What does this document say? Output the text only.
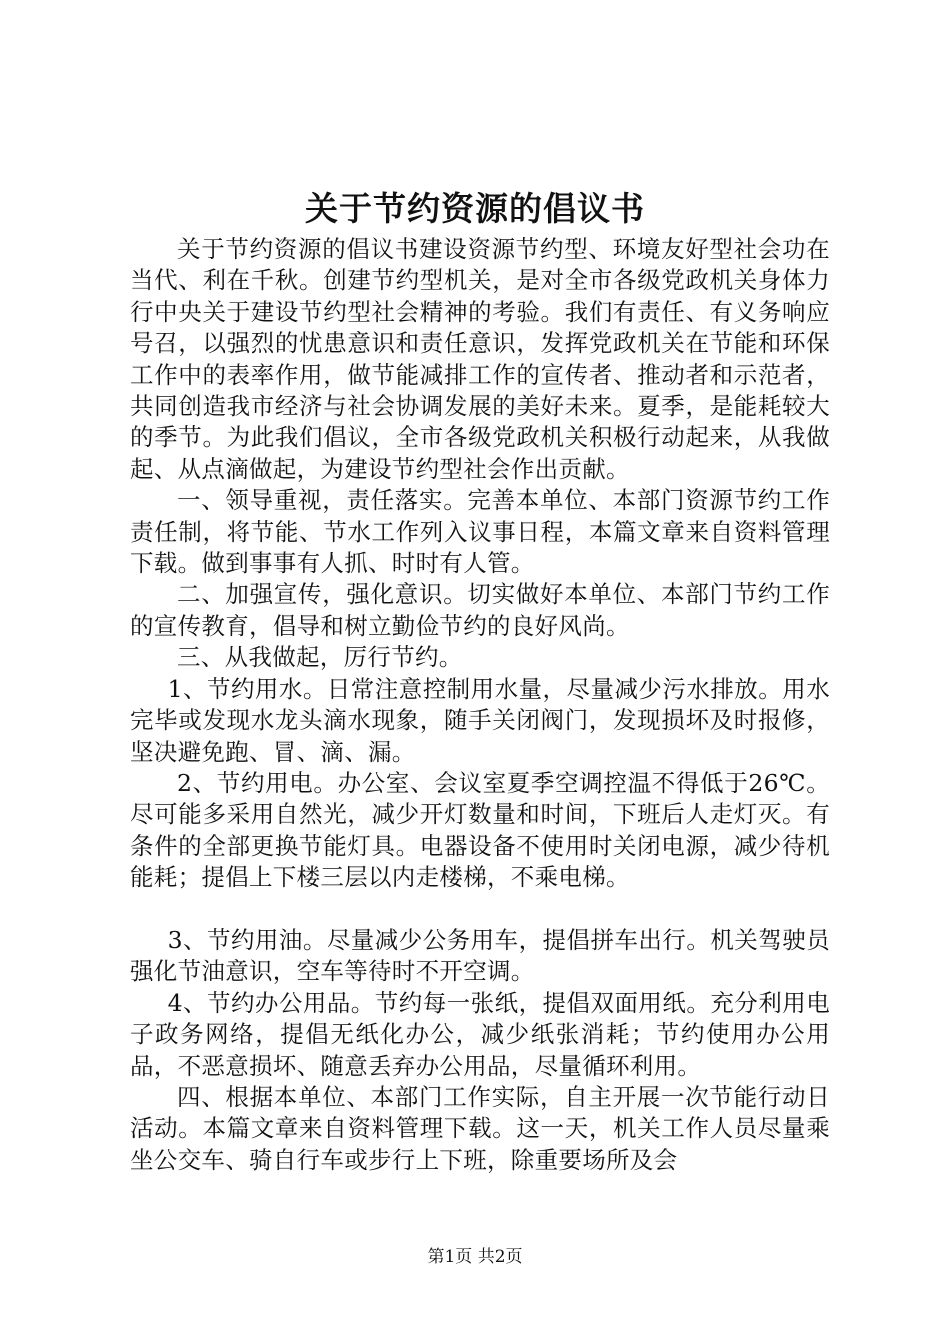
关于节约资源的倡议书

关于节约资源的倡议书建设资源节约型、环境友好型社会功在当代、利在千秋。创建节约型机关，是对全市各级党政机关身体力行中央关于建设节约型社会精神的考验。我们有责任、有义务响应号召，以强烈的忧患意识和责任意识，发挥党政机关在节能和环保工作中的表率作用，做节能减排工作的宣传者、推动者和示范者，共同创造我市经济与社会协调发展的美好未来。夏季，是能耗较大的季节。为此我们倡议，全市各级党政机关积极行动起来，从我做起、从点滴做起，为建设节约型社会作出贡献。

一、领导重视，责任落实。完善本单位、本部门资源节约工作责任制，将节能、节水工作列入议事日程，本篇文章来自资料管理下载。做到事事有人抓、时时有人管。

二、加强宣传，强化意识。切实做好本单位、本部门节约工作的宣传教育，倡导和树立勤俭节约的良好风尚。

三、从我做起，厉行节约。

1、节约用水。日常注意控制用水量，尽量减少污水排放。用水完毕或发现水龙头滴水现象，随手关闭阀门，发现损坏及时报修，坚决避免跑、冒、滴、漏。

2、节约用电。办公室、会议室夏季空调控温不得低于26℃。尽可能多采用自然光，减少开灯数量和时间，下班后人走灯灭。有条件的全部更换节能灯具。电器设备不使用时关闭电源，减少待机能耗；提倡上下楼三层以内走楼梯，不乘电梯。

3、节约用油。尽量减少公务用车，提倡拼车出行。机关驾驶员强化节油意识，空车等待时不开空调。

4、节约办公用品。节约每一张纸，提倡双面用纸。充分利用电子政务网络，提倡无纸化办公，减少纸张消耗；节约使用办公用品，不恶意损坏、随意丢弃办公用品，尽量循环利用。

四、根据本单位、本部门工作实际，自主开展一次节能行动日活动。本篇文章来自资料管理下载。这一天，机关工作人员尽量乘坐公交车、骑自行车或步行上下班，除重要场所及会

第1页 共2页
